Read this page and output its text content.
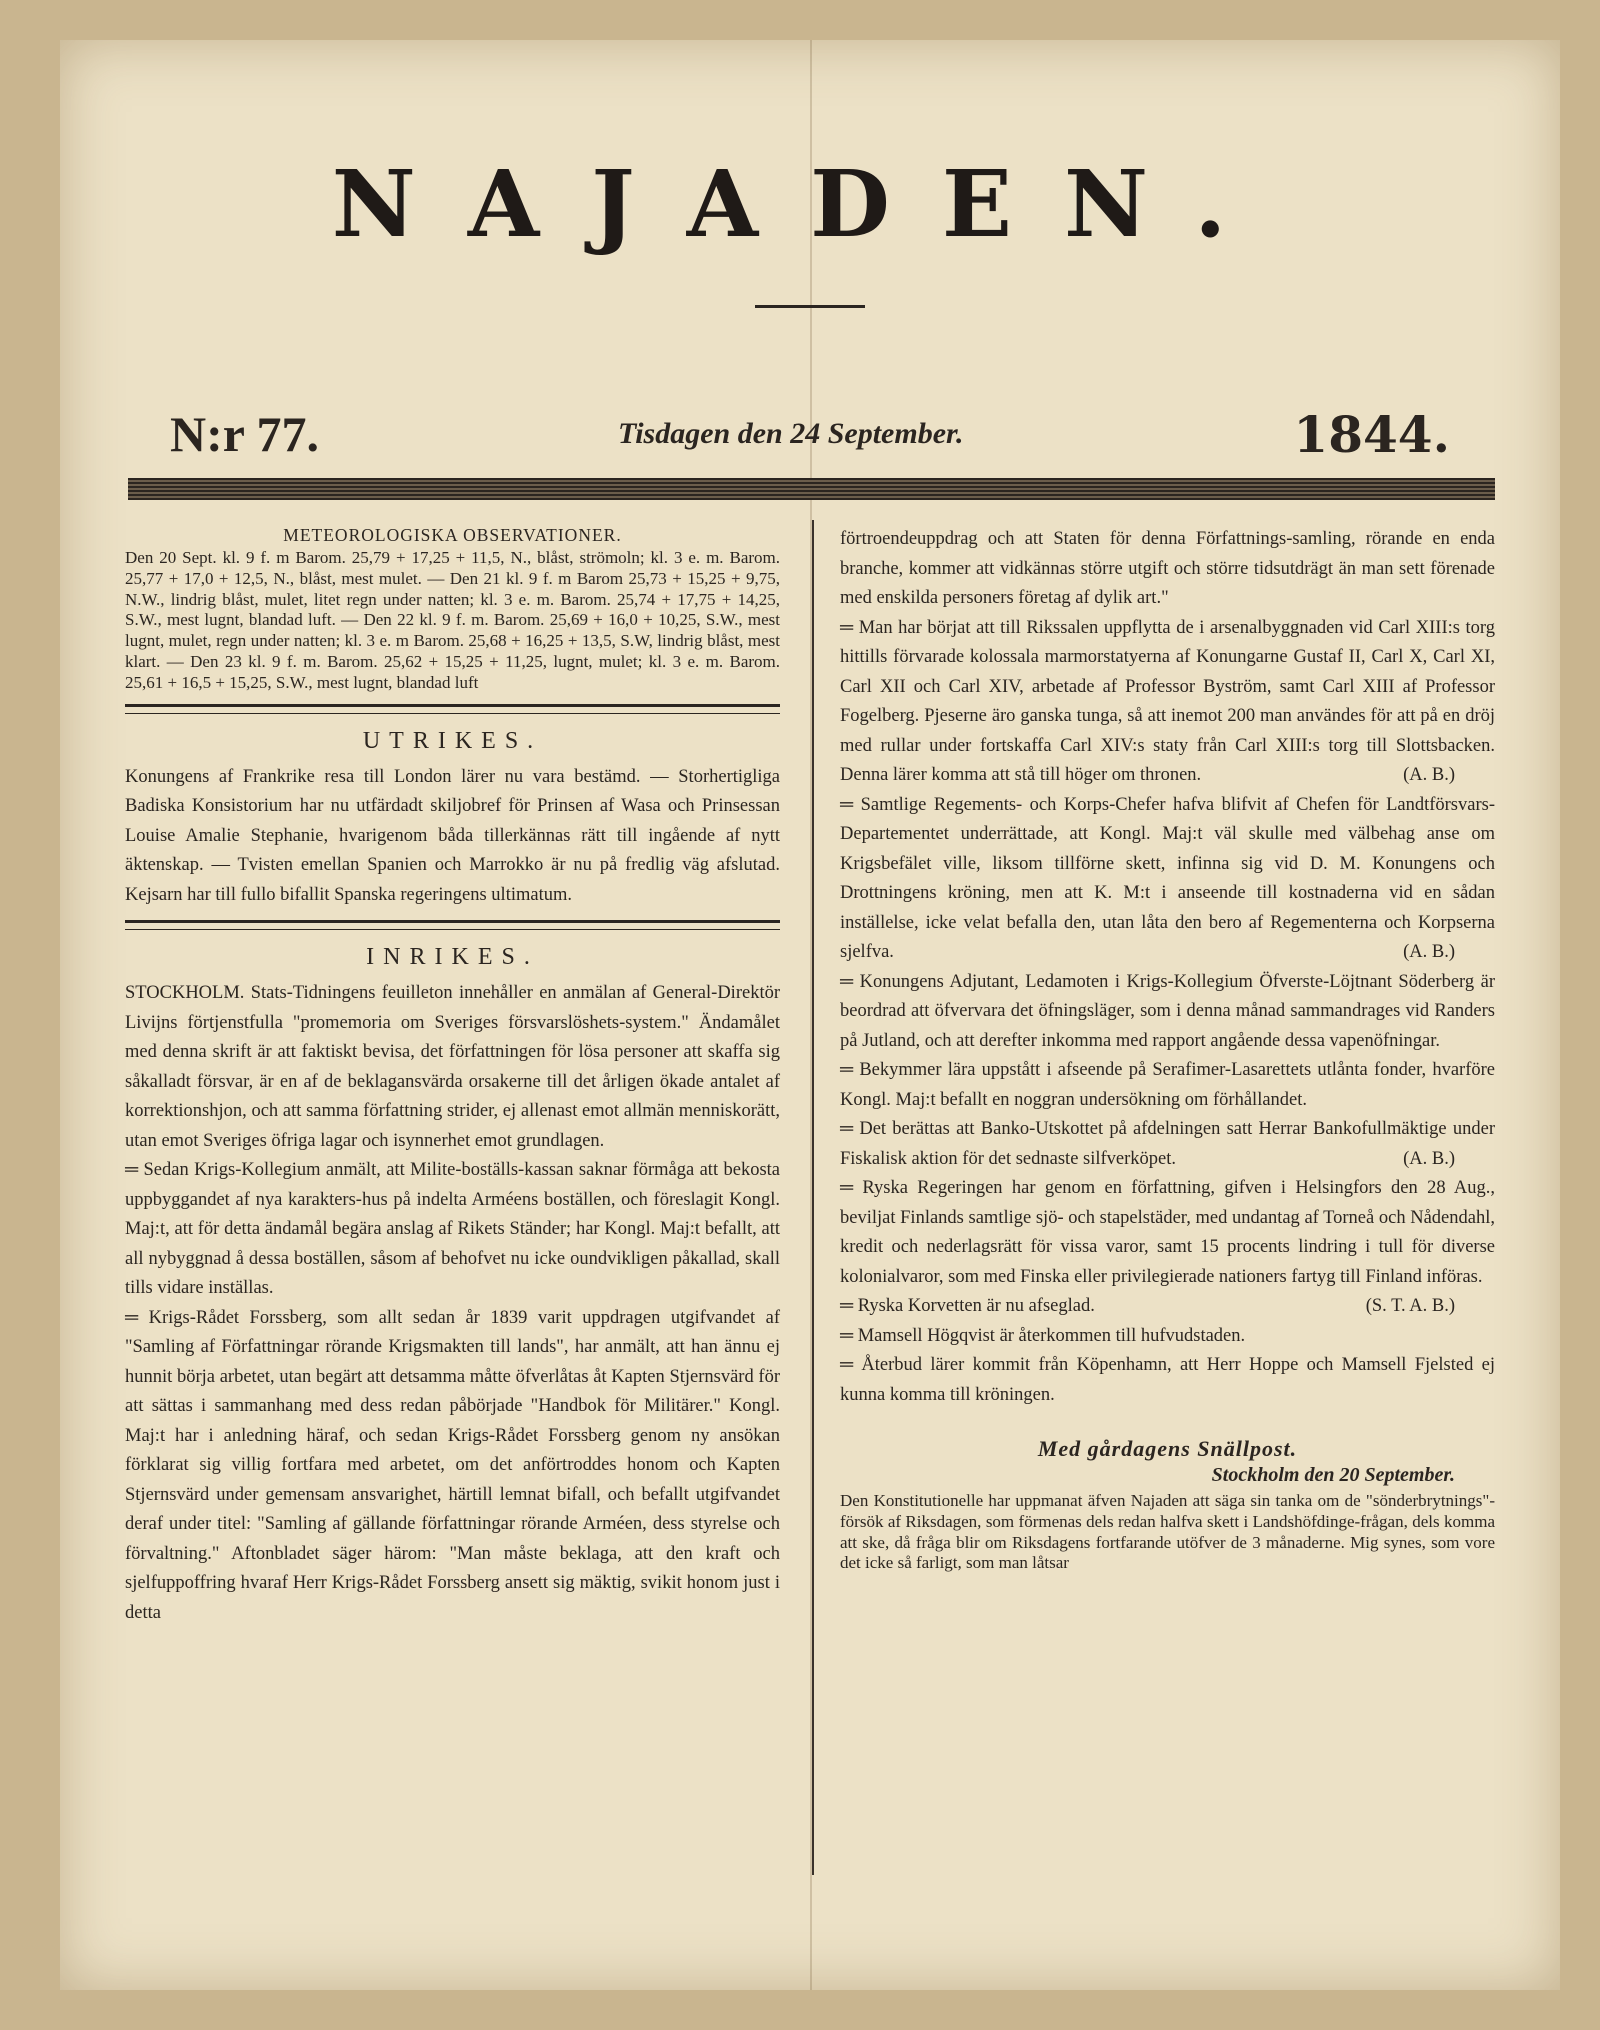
NAJADEN.
N:r 77.	Tisdagen den 24 September.	1844.
METEOROLOGISKA OBSERVATIONER.

Den 20 Sept. kl. 9 f. m Barom. 25,79 + 17,25 + 11,5, N., blåst, strömoln; kl. 3 e. m. Barom. 25,77 + 17,0 + 12,5, N., blåst, mest mulet. — Den 21 kl. 9 f. m Barom 25,73 + 15,25 + 9,75, N.W., lindrig blåst, mulet, litet regn under natten; kl. 3 e. m. Barom. 25,74 + 17,75 + 14,25, S.W., mest lugnt, blandad luft. — Den 22 kl. 9 f. m. Barom. 25,69 + 16,0 + 10,25, S.W., mest lugnt, mulet, regn under natten; kl. 3 e. m Barom. 25,68 + 16,25 + 13,5, S.W, lindrig blåst, mest klart. — Den 23 kl. 9 f. m. Barom. 25,62 + 15,25 + 11,25, lugnt, mulet; kl. 3 e. m. Barom. 25,61 + 16,5 + 15,25, S.W., mest lugnt, blandad luft

UTRIKES.

Konungens af Frankrike resa till London lärer nu vara bestämd. — Storhertigliga Badiska Konsistorium har nu utfärdadt skiljobref för Prinsen af Wasa och Prinsessan Louise Amalie Stephanie, hvarigenom båda tillerkännas rätt till ingående af nytt äktenskap. — Tvisten emellan Spanien och Marrokko är nu på fredlig väg afslutad. Kejsarn har till fullo bifallit Spanska regeringens ultimatum.

INRIKES.

STOCKHOLM. Stats-Tidningens feuilleton innehåller en anmälan af General-Direktör Livijns förtjenstfulla "promemoria om Sveriges försvarslöshets-system." Ändamålet med denna skrift är att faktiskt bevisa, det författningen för lösa personer att skaffa sig såkalladt försvar, är en af de beklagansvärda orsakerne till det årligen ökade antalet af korrektionshjon, och att samma författning strider, ej allenast emot allmän menniskorätt, utan emot Sveriges öfriga lagar och isynnerhet emot grundlagen.

═ Sedan Krigs-Kollegium anmält, att Milite-boställs-kassan saknar förmåga att bekosta uppbyggandet af nya karakters-hus på indelta Arméens boställen, och föreslagit Kongl. Maj:t, att för detta ändamål begära anslag af Rikets Ständer; har Kongl. Maj:t befallt, att all nybyggnad å dessa boställen, såsom af behofvet nu icke oundvikligen påkallad, skall tills vidare inställas.

═ Krigs-Rådet Forssberg, som allt sedan år 1839 varit uppdragen utgifvandet af "Samling af Författningar rörande Krigsmakten till lands", har anmält, att han ännu ej hunnit börja arbetet, utan begärt att detsamma måtte öfverlåtas åt Kapten Stjernsvärd för att sättas i sammanhang med dess redan påbörjade "Handbok för Militärer." Kongl. Maj:t har i anledning häraf, och sedan Krigs-Rådet Forssberg genom ny ansökan förklarat sig villig fortfara med arbetet, om det anförtroddes honom och Kapten Stjernsvärd under gemensam ansvarighet, härtill lemnat bifall, och befallt utgifvandet deraf under titel: "Samling af gällande författningar rörande Arméen, dess styrelse och förvaltning." Aftonbladet säger härom: "Man måste beklaga, att den kraft och sjelfuppoffring hvaraf Herr Krigs-Rådet Forssberg ansett sig mäktig, svikit honom just i detta

förtroendeuppdrag och att Staten för denna Författnings-samling, rörande en enda branche, kommer att vidkännas större utgift och större tidsutdrägt än man sett förenade med enskilda personers företag af dylik art."

═ Man har börjat att till Rikssalen uppflytta de i arsenalbyggnaden vid Carl XIII:s torg hittills förvarade kolossala marmorstatyerna af Konungarne Gustaf II, Carl X, Carl XI, Carl XII och Carl XIV, arbetade af Professor Byström, samt Carl XIII af Professor Fogelberg. Pjeserne äro ganska tunga, så att inemot 200 man användes för att på en dröj med rullar under fortskaffa Carl XIV:s staty från Carl XIII:s torg till Slottsbacken. Denna lärer komma att stå till höger om thronen.	(A. B.)

═ Samtlige Regements- och Korps-Chefer hafva blifvit af Chefen för Landtförsvars-Departementet underrättade, att Kongl. Maj:t väl skulle med välbehag anse om Krigsbefälet ville, liksom tillförne skett, infinna sig vid D. M. Konungens och Drottningens kröning, men att K. M:t i anseende till kostnaderna vid en sådan inställelse, icke velat befalla den, utan låta den bero af Regementerna och Korpserna sjelfva.	(A. B.)

═ Konungens Adjutant, Ledamoten i Krigs-Kollegium Öfverste-Löjtnant Söderberg är beordrad att öfvervara det öfningsläger, som i denna månad sammandrages vid Randers på Jutland, och att derefter inkomma med rapport angående dessa vapenöfningar.

═ Bekymmer lära uppstått i afseende på Serafimer-Lasarettets utlånta fonder, hvarföre Kongl. Maj:t befallt en noggran undersökning om förhållandet.

═ Det berättas att Banko-Utskottet på afdelningen satt Herrar Bankofullmäktige under Fiskalisk aktion för det sednaste silfverköpet.	(A. B.)

═ Ryska Regeringen har genom en författning, gifven i Helsingfors den 28 Aug., beviljat Finlands samtlige sjö- och stapelstäder, med undantag af Torneå och Nådendahl, kredit och nederlagsrätt för vissa varor, samt 15 procents lindring i tull för diverse kolonialvaror, som med Finska eller privilegierade nationers fartyg till Finland införas.
(S. T. A. B.)

═ Ryska Korvetten är nu afseglad.

═ Mamsell Högqvist är återkommen till hufvudstaden.

═ Återbud lärer kommit från Köpenhamn, att Herr Hoppe och Mamsell Fjelsted ej kunna komma till kröningen.

Med gårdagens Snällpost.
Stockholm den 20 September.

Den Konstitutionelle har uppmanat äfven Najaden att säga sin tanka om de "sönderbrytnings"-försök af Riksdagen, som förmenas dels redan halfva skett i Landshöfdinge-frågan, dels komma att ske, då fråga blir om Riksdagens fortfarande utöfver de 3 månaderne. Mig synes, som vore det icke så farligt, som man låtsar
